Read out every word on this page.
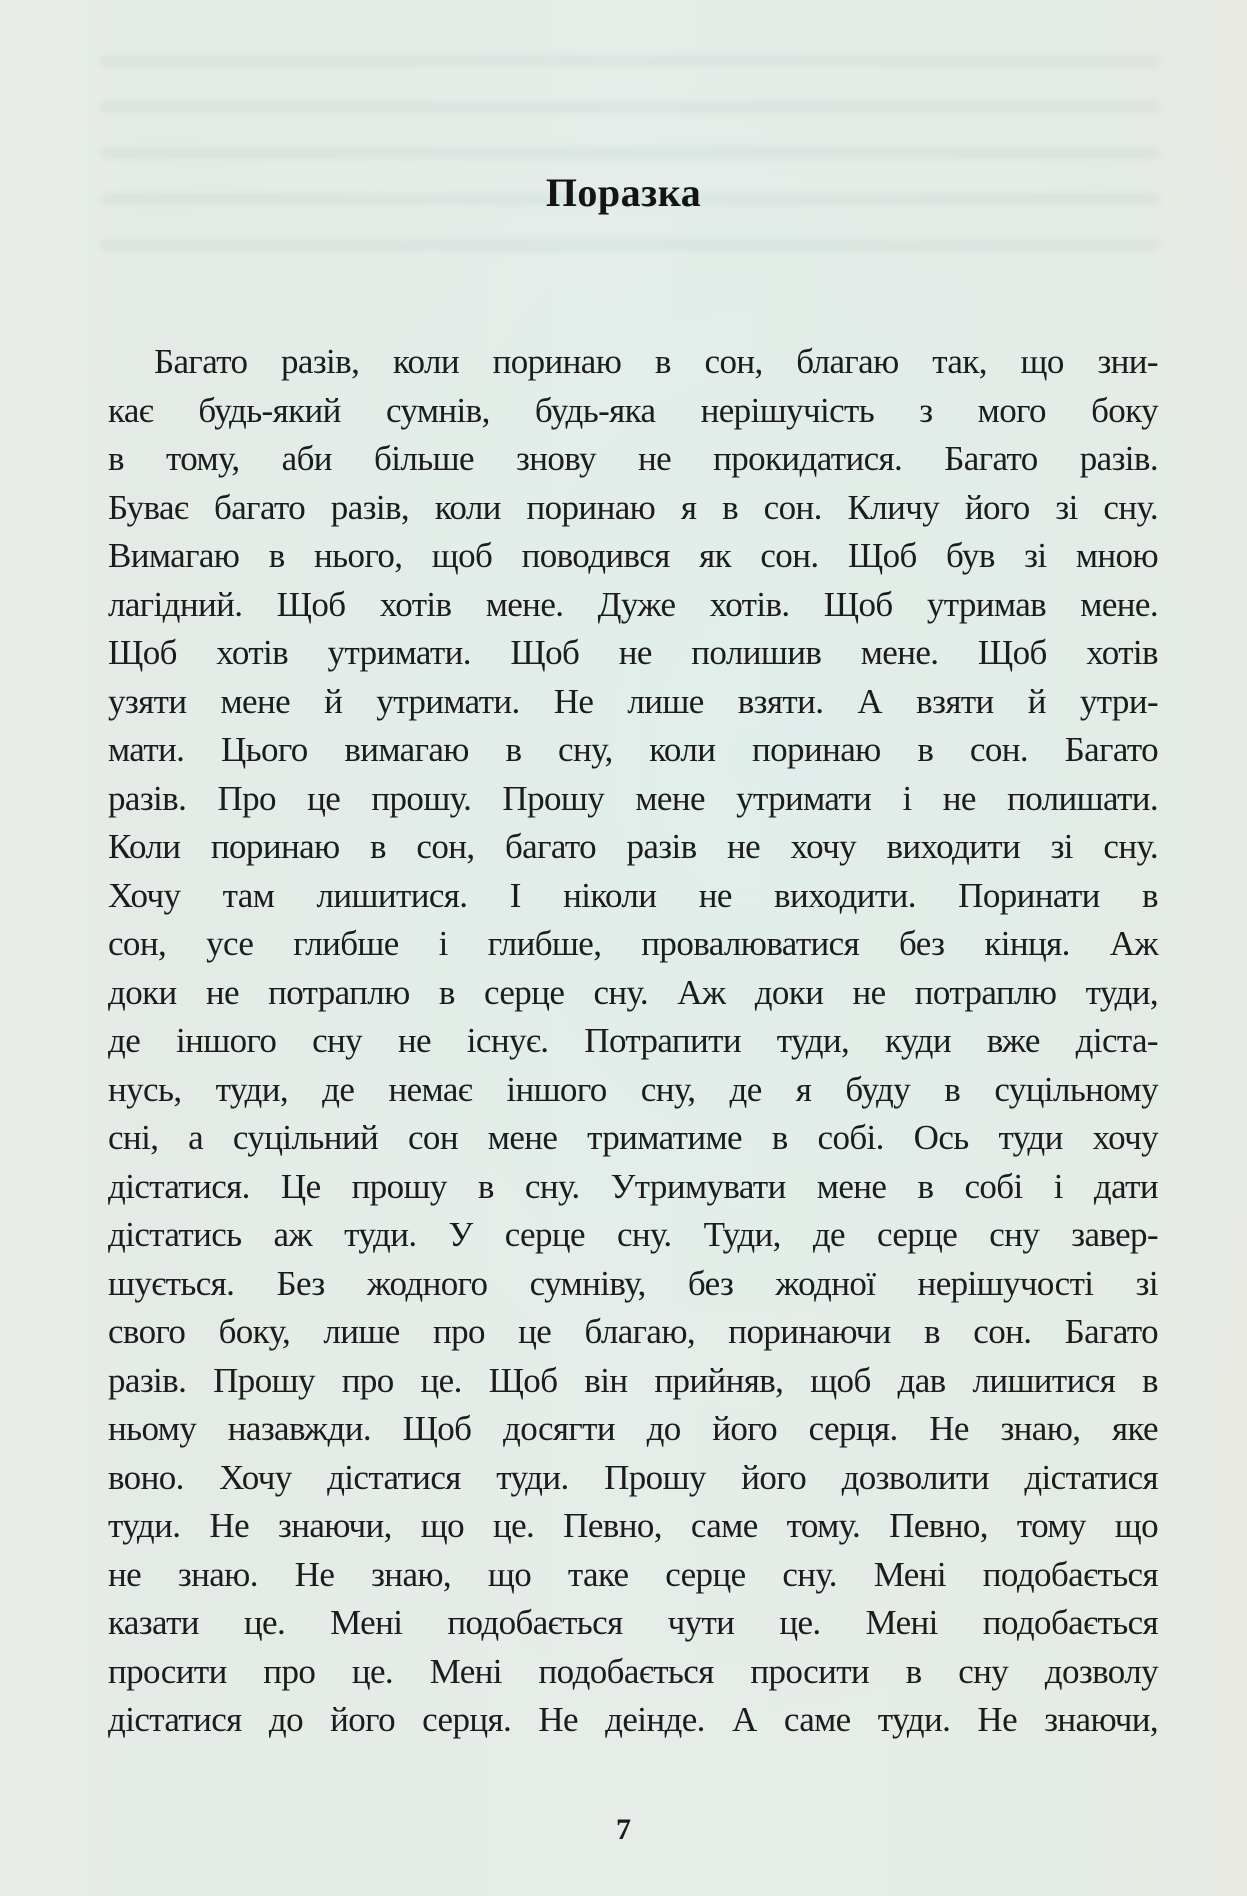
Поразка
Багато разів, коли поринаю в сон, благаю так, що зни-
кає будь-який сумнів, будь-яка нерішучість з мого боку
в тому, аби більше знову не прокидатися. Багато разів.
Буває багато разів, коли поринаю я в сон. Кличу його зі сну.
Вимагаю в нього, щоб поводився як сон. Щоб був зі мною
лагідний. Щоб хотів мене. Дуже хотів. Щоб утримав мене.
Щоб хотів утримати. Щоб не полишив мене. Щоб хотів
узяти мене й утримати. Не лише взяти. А взяти й утри-
мати. Цього вимагаю в сну, коли поринаю в сон. Багато
разів. Про це прошу. Прошу мене утримати і не полишати.
Коли поринаю в сон, багато разів не хочу виходити зі сну.
Хочу там лишитися. І ніколи не виходити. Поринати в
сон, усе глибше і глибше, провалюватися без кінця. Аж
доки не потраплю в серце сну. Аж доки не потраплю туди,
де іншого сну не існує. Потрапити туди, куди вже діста-
нусь, туди, де немає іншого сну, де я буду в суцільному
сні, а суцільний сон мене триматиме в собі. Ось туди хочу
дістатися. Це прошу в сну. Утримувати мене в собі і дати
дістатись аж туди. У серце сну. Туди, де серце сну завер-
шується. Без жодного сумніву, без жодної нерішучості зі
свого боку, лише про це благаю, поринаючи в сон. Багато
разів. Прошу про це. Щоб він прийняв, щоб дав лишитися в
ньому назавжди. Щоб досягти до його серця. Не знаю, яке
воно. Хочу дістатися туди. Прошу його дозволити дістатися
туди. Не знаючи, що це. Певно, саме тому. Певно, тому що
не знаю. Не знаю, що таке серце сну. Мені подобається
казати це. Мені подобається чути це. Мені подобається
просити про це. Мені подобається просити в сну дозволу
дістатися до його серця. Не деінде. А саме туди. Не знаючи,
7
